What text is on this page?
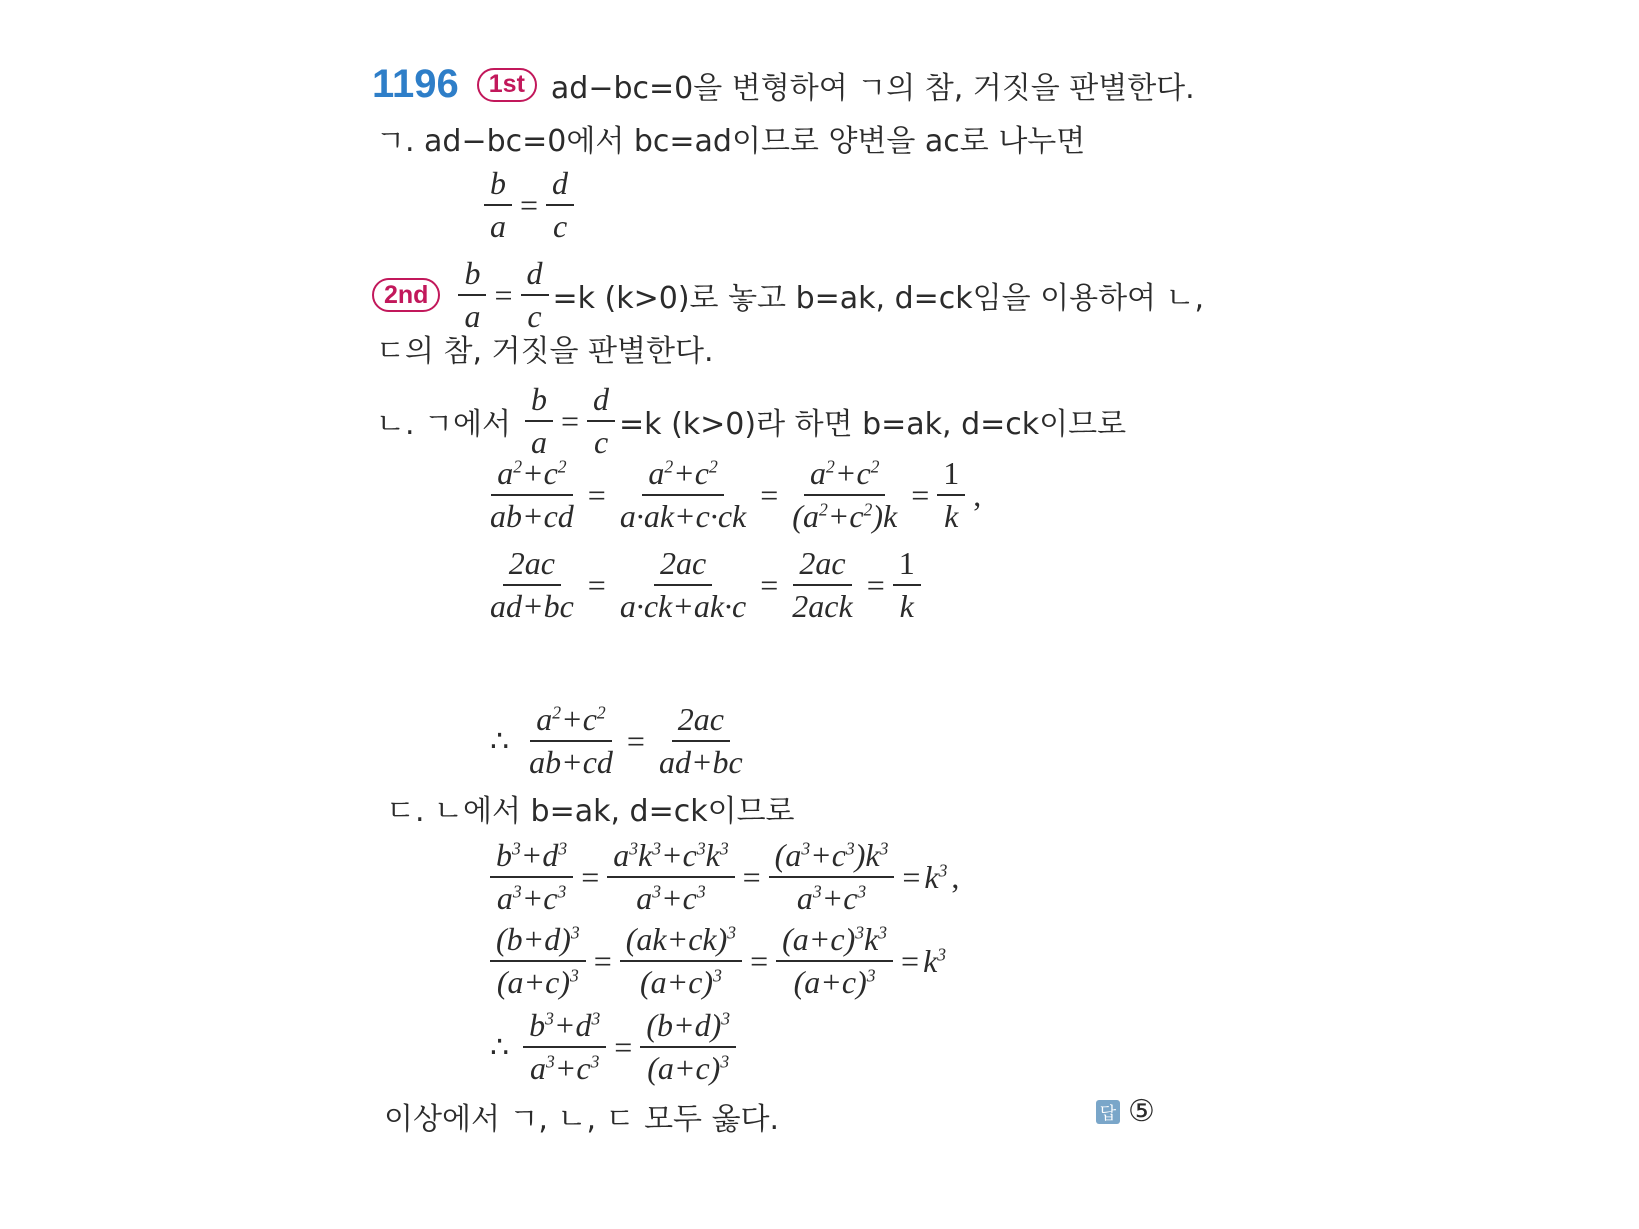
1196	1st ad−bc=0을 변형하여 ㄱ의 참, 거짓을 판별한다.
ㄱ. ad−bc=0에서 bc=ad이므로 양변을 ac로 나누면
$\frac{b}{a} = \frac{d}{c}$
$2nd \frac{b}{a} = \frac{d}{c} =k$ (k>0)로 놓고 b=ak, d=ck임을 이용하여 ㄴ,
ㄷ의 참, 거짓을 판별한다.
ㄴ. ㄱ에서 $\frac{b}{a} = \frac{d}{c} =k$ (k>0)라 하면 b=ak, d=ck이므로
$\frac{a^2+c^2}{ab+cd} = \frac{a^2+c^2}{a\cdot ak+c\cdot ck} = \frac{a^2+c^2}{(a^2+c^2)k} = \frac{1}{k}$ ,
$\frac{2ac}{ad+bc} = \frac{2ac}{a\cdot ck+ak\cdot c} = \frac{2ac}{\text{2ack}} = \frac{1}{k}$
∴ $\frac{a^2+c^2}{ab+cd} = \frac{2ac}{ad+bc}$
ㄷ. ㄴ에서 b=ak, d=ck이므로
$\frac{b^3+d^3}{a^3+c^3} = \frac{a^3k^3+c^3k^3}{a^3+c^3} = \frac{(a^3+c^3)k^3}{a^3+c^3} = k^3$ ,
$\frac{(b+d)^3}{(a+c)^3} = \frac{(ak+ck)^3}{(a+c)^3} = \frac{(a+c)^3k^3}{(a+c)^3} = k^3$
∴ $\frac{b^3+d^3}{a^3+c^3} = \frac{(b+d)^3}{(a+c)^3}$
이상에서 ㄱ, ㄴ, ㄷ 모두 옳다.	답 ⑤
